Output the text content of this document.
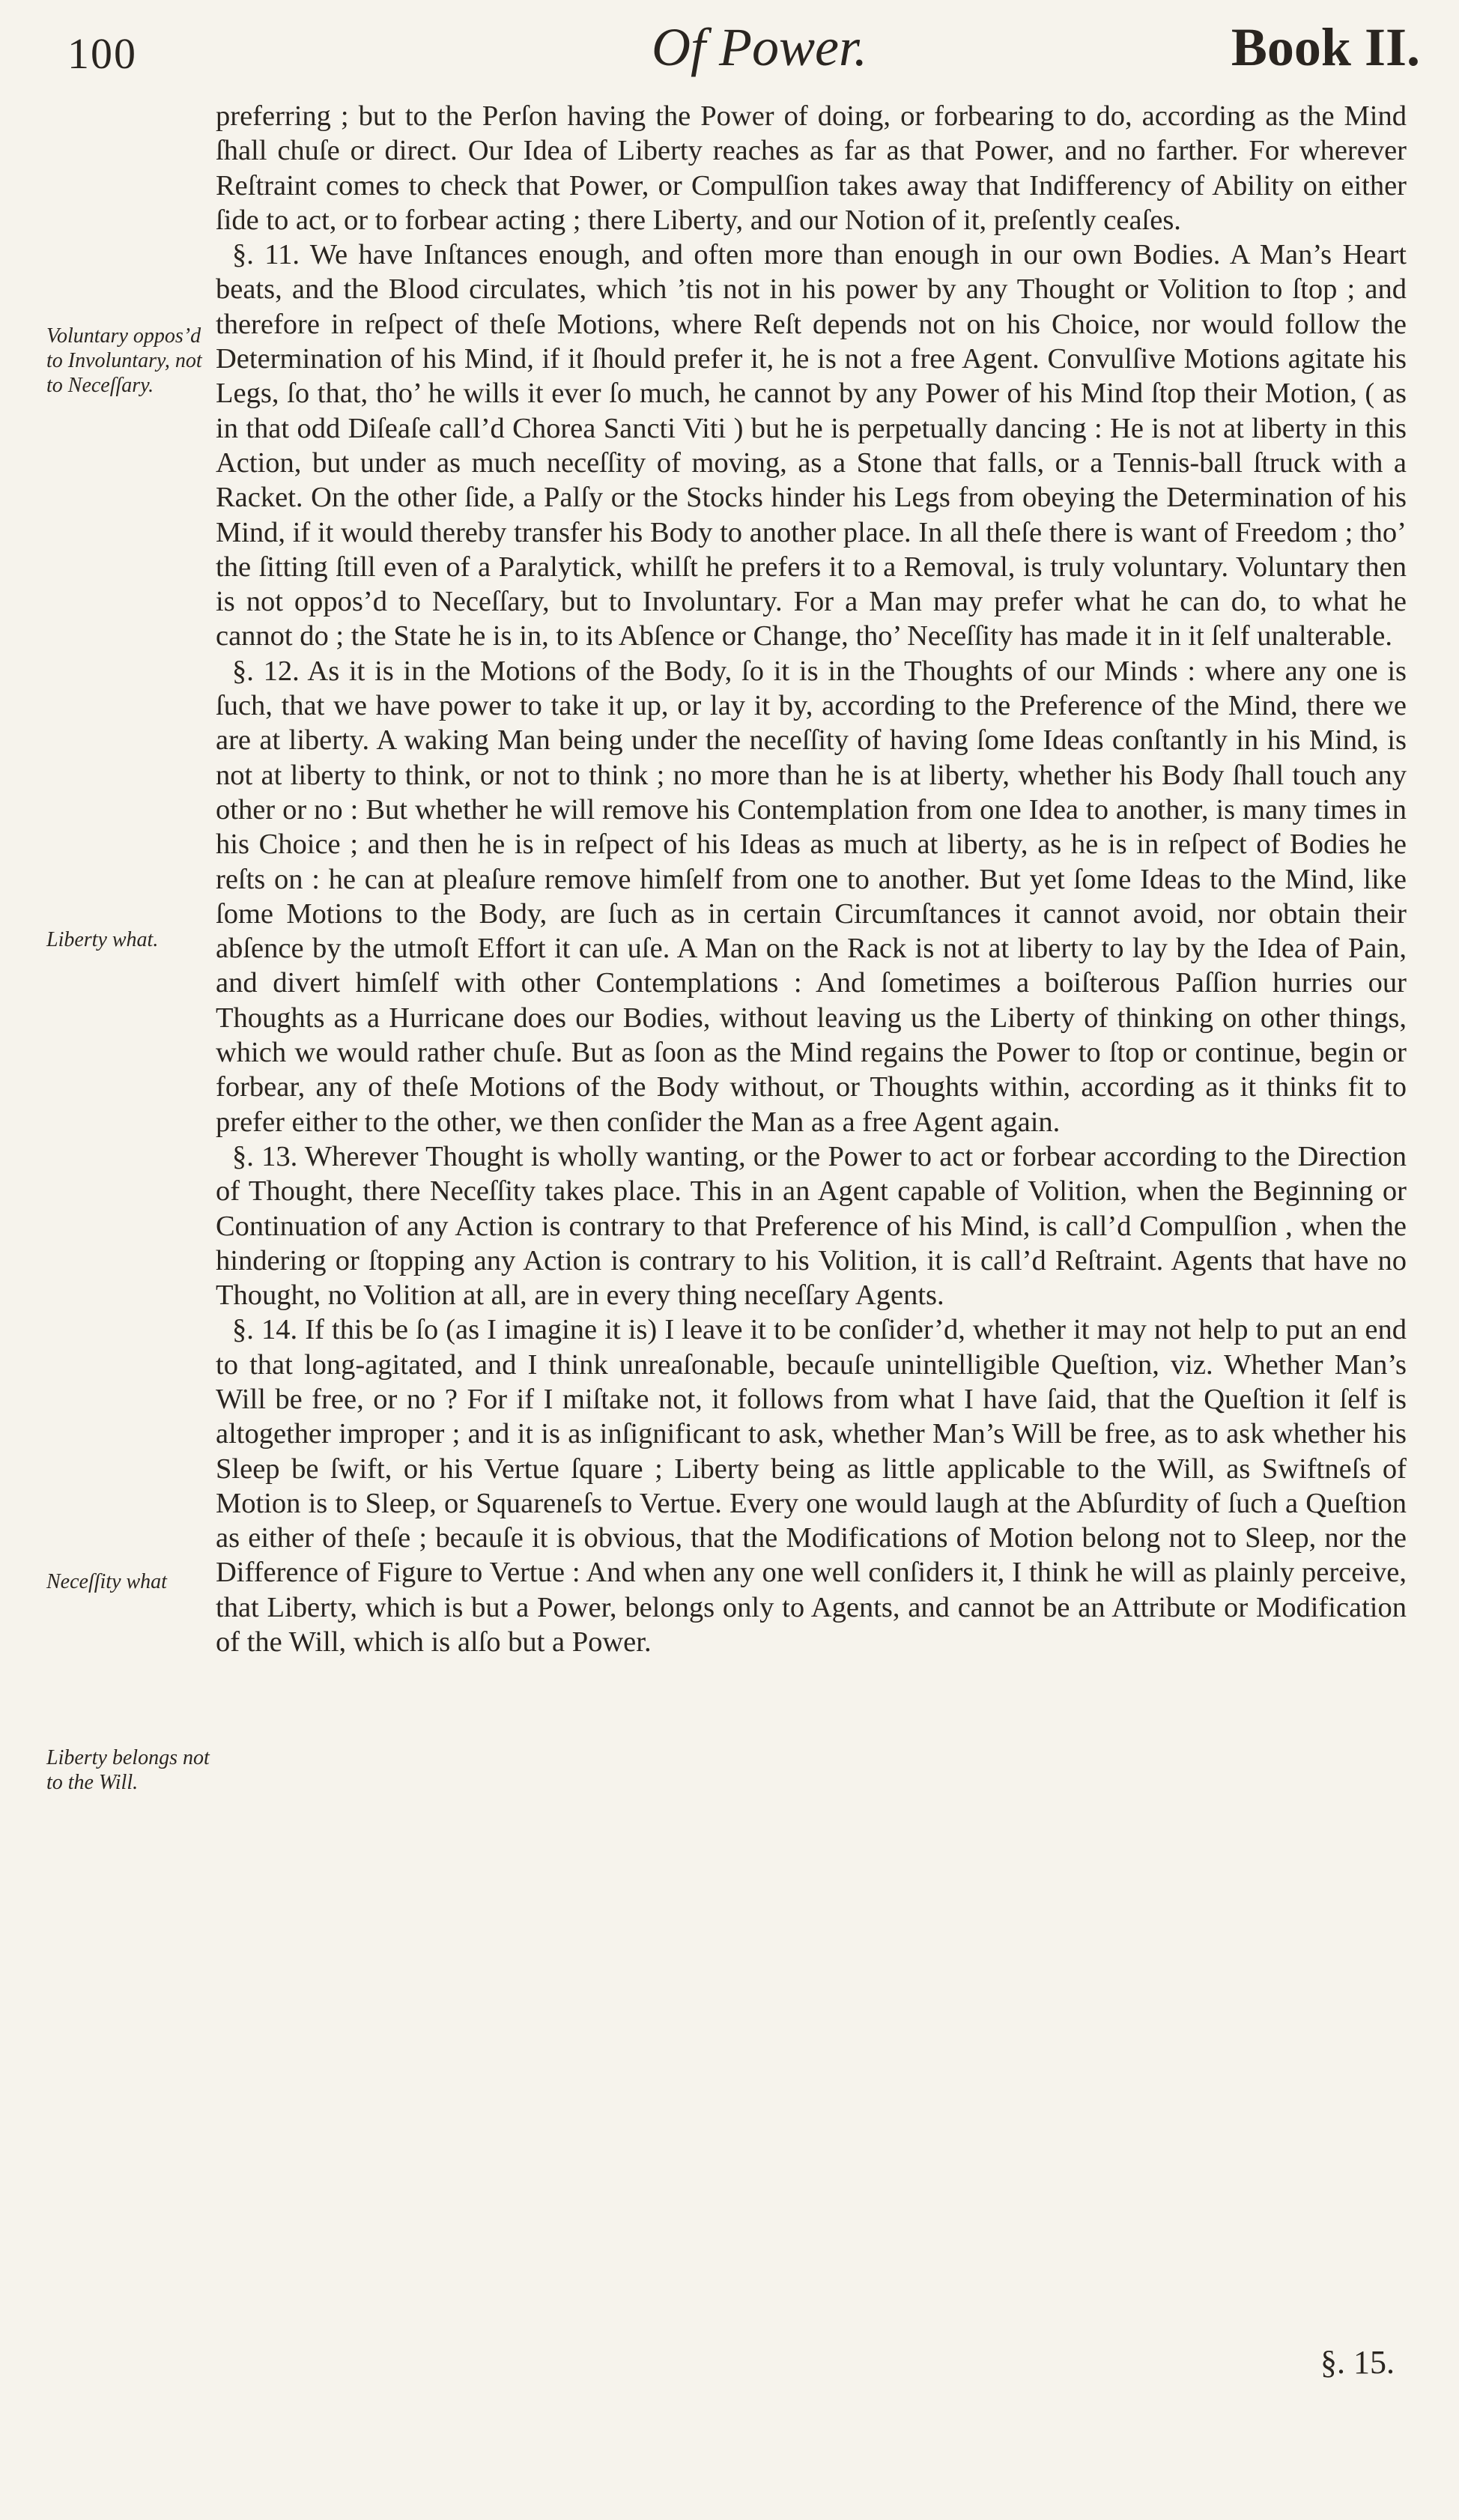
100	Of Power.	Book II.

preferring ; but to the Perſon having the Power of doing, or forbearing to do, according as the Mind ſhall chuſe or direct. Our Idea of Liberty reaches as far as that Power, and no farther. For wherever Reſtraint comes to check that Power, or Compulſion takes away that Indifferency of Ability on either ſide to act, or to forbear acting ; there Liberty, and our Notion of it, preſently ceaſes.

§. 11. We have Inſtances enough, and often more than enough in our own Bodies. A Man’s Heart beats, and the Blood circulates, which ’tis not in his power by any Thought or Volition to ſtop ; and therefore in reſpect of theſe Motions, where Reſt depends not on his Choice, nor would follow the Determination of his Mind, if it ſhould prefer it, he is not a free Agent. Convulſive Motions agitate his Legs, ſo that, tho’ he wills it ever ſo much, he cannot by any Power of his Mind ſtop their Motion, ( as in that odd Diſeaſe call’d Chorea Sancti Viti ) but he is perpetually dancing : He is not at liberty in this Action, but under as much neceſſity of moving, as a Stone that falls, or a Tennis-ball ſtruck with a Racket. On the other ſide, a Palſy or the Stocks hinder his Legs from obeying the Determination of his Mind, if it would thereby transfer his Body to another place. In all theſe there is want of Freedom ; tho’ the ſitting ſtill even of a Paralytick, whilſt he prefers it to a Removal, is truly voluntary. Voluntary then is not oppos’d to Neceſſary, but to Involuntary. For a Man may prefer what he can do, to what he cannot do ; the State he is in, to its Abſence or Change, tho’ Neceſſity has made it in it ſelf unalterable.

§. 12. As it is in the Motions of the Body, ſo it is in the Thoughts of our Minds : where any one is ſuch, that we have power to take it up, or lay it by, according to the Preference of the Mind, there we are at liberty. A waking Man being under the neceſſity of having ſome Ideas conſtantly in his Mind, is not at liberty to think, or not to think ; no more than he is at liberty, whether his Body ſhall touch any other or no : But whether he will remove his Contemplation from one Idea to another, is many times in his Choice ; and then he is in reſpect of his Ideas as much at liberty, as he is in reſpect of Bodies he reſts on : he can at pleaſure remove himſelf from one to another. But yet ſome Ideas to the Mind, like ſome Motions to the Body, are ſuch as in certain Circumſtances it cannot avoid, nor obtain their abſence by the utmoſt Effort it can uſe. A Man on the Rack is not at liberty to lay by the Idea of Pain, and divert himſelf with other Contemplations : And ſometimes a boiſterous Paſſion hurries our Thoughts as a Hurricane does our Bodies, without leaving us the Liberty of thinking on other things, which we would rather chuſe. But as ſoon as the Mind regains the Power to ſtop or continue, begin or forbear, any of theſe Motions of the Body without, or Thoughts within, according as it thinks fit to prefer either to the other, we then conſider the Man as a free Agent again.

§. 13. Wherever Thought is wholly wanting, or the Power to act or forbear according to the Direction of Thought, there Neceſſity takes place. This in an Agent capable of Volition, when the Beginning or Continuation of any Action is contrary to that Preference of his Mind, is call’d Compulſion , when the hindering or ſtopping any Action is contrary to his Volition, it is call’d Reſtraint. Agents that have no Thought, no Volition at all, are in every thing neceſſary Agents.

§. 14. If this be ſo (as I imagine it is) I leave it to be conſider’d, whether it may not help to put an end to that long-agitated, and I think unreaſonable, becauſe unintelligible Queſtion, viz. Whether Man’s Will be free, or no ? For if I miſtake not, it follows from what I have ſaid, that the Queſtion it ſelf is altogether improper ; and it is as inſignificant to ask, whether Man’s Will be free, as to ask whether his Sleep be ſwift, or his Vertue ſquare ; Liberty being as little applicable to the Will, as Swiftneſs of Motion is to Sleep, or Squareneſs to Vertue. Every one would laugh at the Abſurdity of ſuch a Queſtion as either of theſe ; becauſe it is obvious, that the Modifications of Motion belong not to Sleep, nor the Difference of Figure to Vertue : And when any one well conſiders it, I think he will as plainly perceive, that Liberty, which is but a Power, belongs only to Agents, and cannot be an Attribute or Modification of the Will, which is alſo but a Power.

Voluntary oppos’d to Involuntary, not to Neceſſary.
Liberty what.
Neceſſity what
Liberty belongs not to the Will.
§. 15.
